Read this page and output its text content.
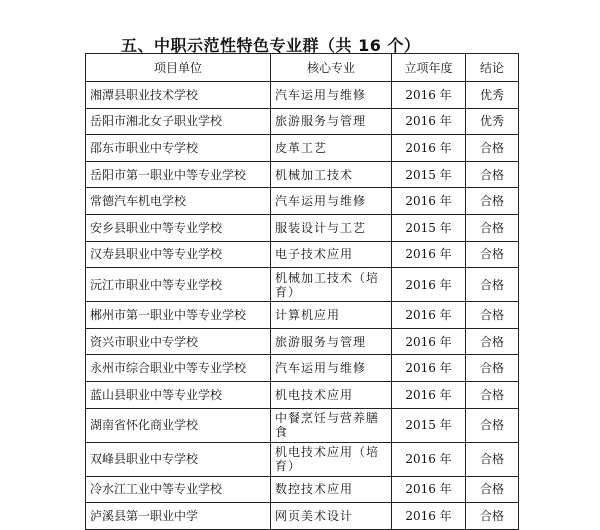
五、中职示范性特色专业群（共 16 个）
项目单位	核心专业	立项年度	结论
湘潭县职业技术学校	汽车运用与维修	2016 年	优秀
岳阳市湘北女子职业学校	旅游服务与管理	2016 年	优秀
邵东市职业中专学校	皮革工艺	2016 年	合格
岳阳市第一职业中等专业学校	机械加工技术	2015 年	合格
常德汽车机电学校	汽车运用与维修	2016 年	合格
安乡县职业中等专业学校	服装设计与工艺	2015 年	合格
汉寿县职业中等专业学校	电子技术应用	2016 年	合格
沅江市职业中等专业学校	机械加工技术（培育）	2016 年	合格
郴州市第一职业中等专业学校	计算机应用	2016 年	合格
资兴市职业中专学校	旅游服务与管理	2016 年	合格
永州市综合职业中等专业学校	汽车运用与维修	2016 年	合格
蓝山县职业中等专业学校	机电技术应用	2016 年	合格
湖南省怀化商业学校	中餐烹饪与营养膳食	2015 年	合格
双峰县职业中专学校	机电技术应用（培育）	2016 年	合格
冷水江工业中等专业学校	数控技术应用	2016 年	合格
泸溪县第一职业中学	网页美术设计	2016 年	合格
